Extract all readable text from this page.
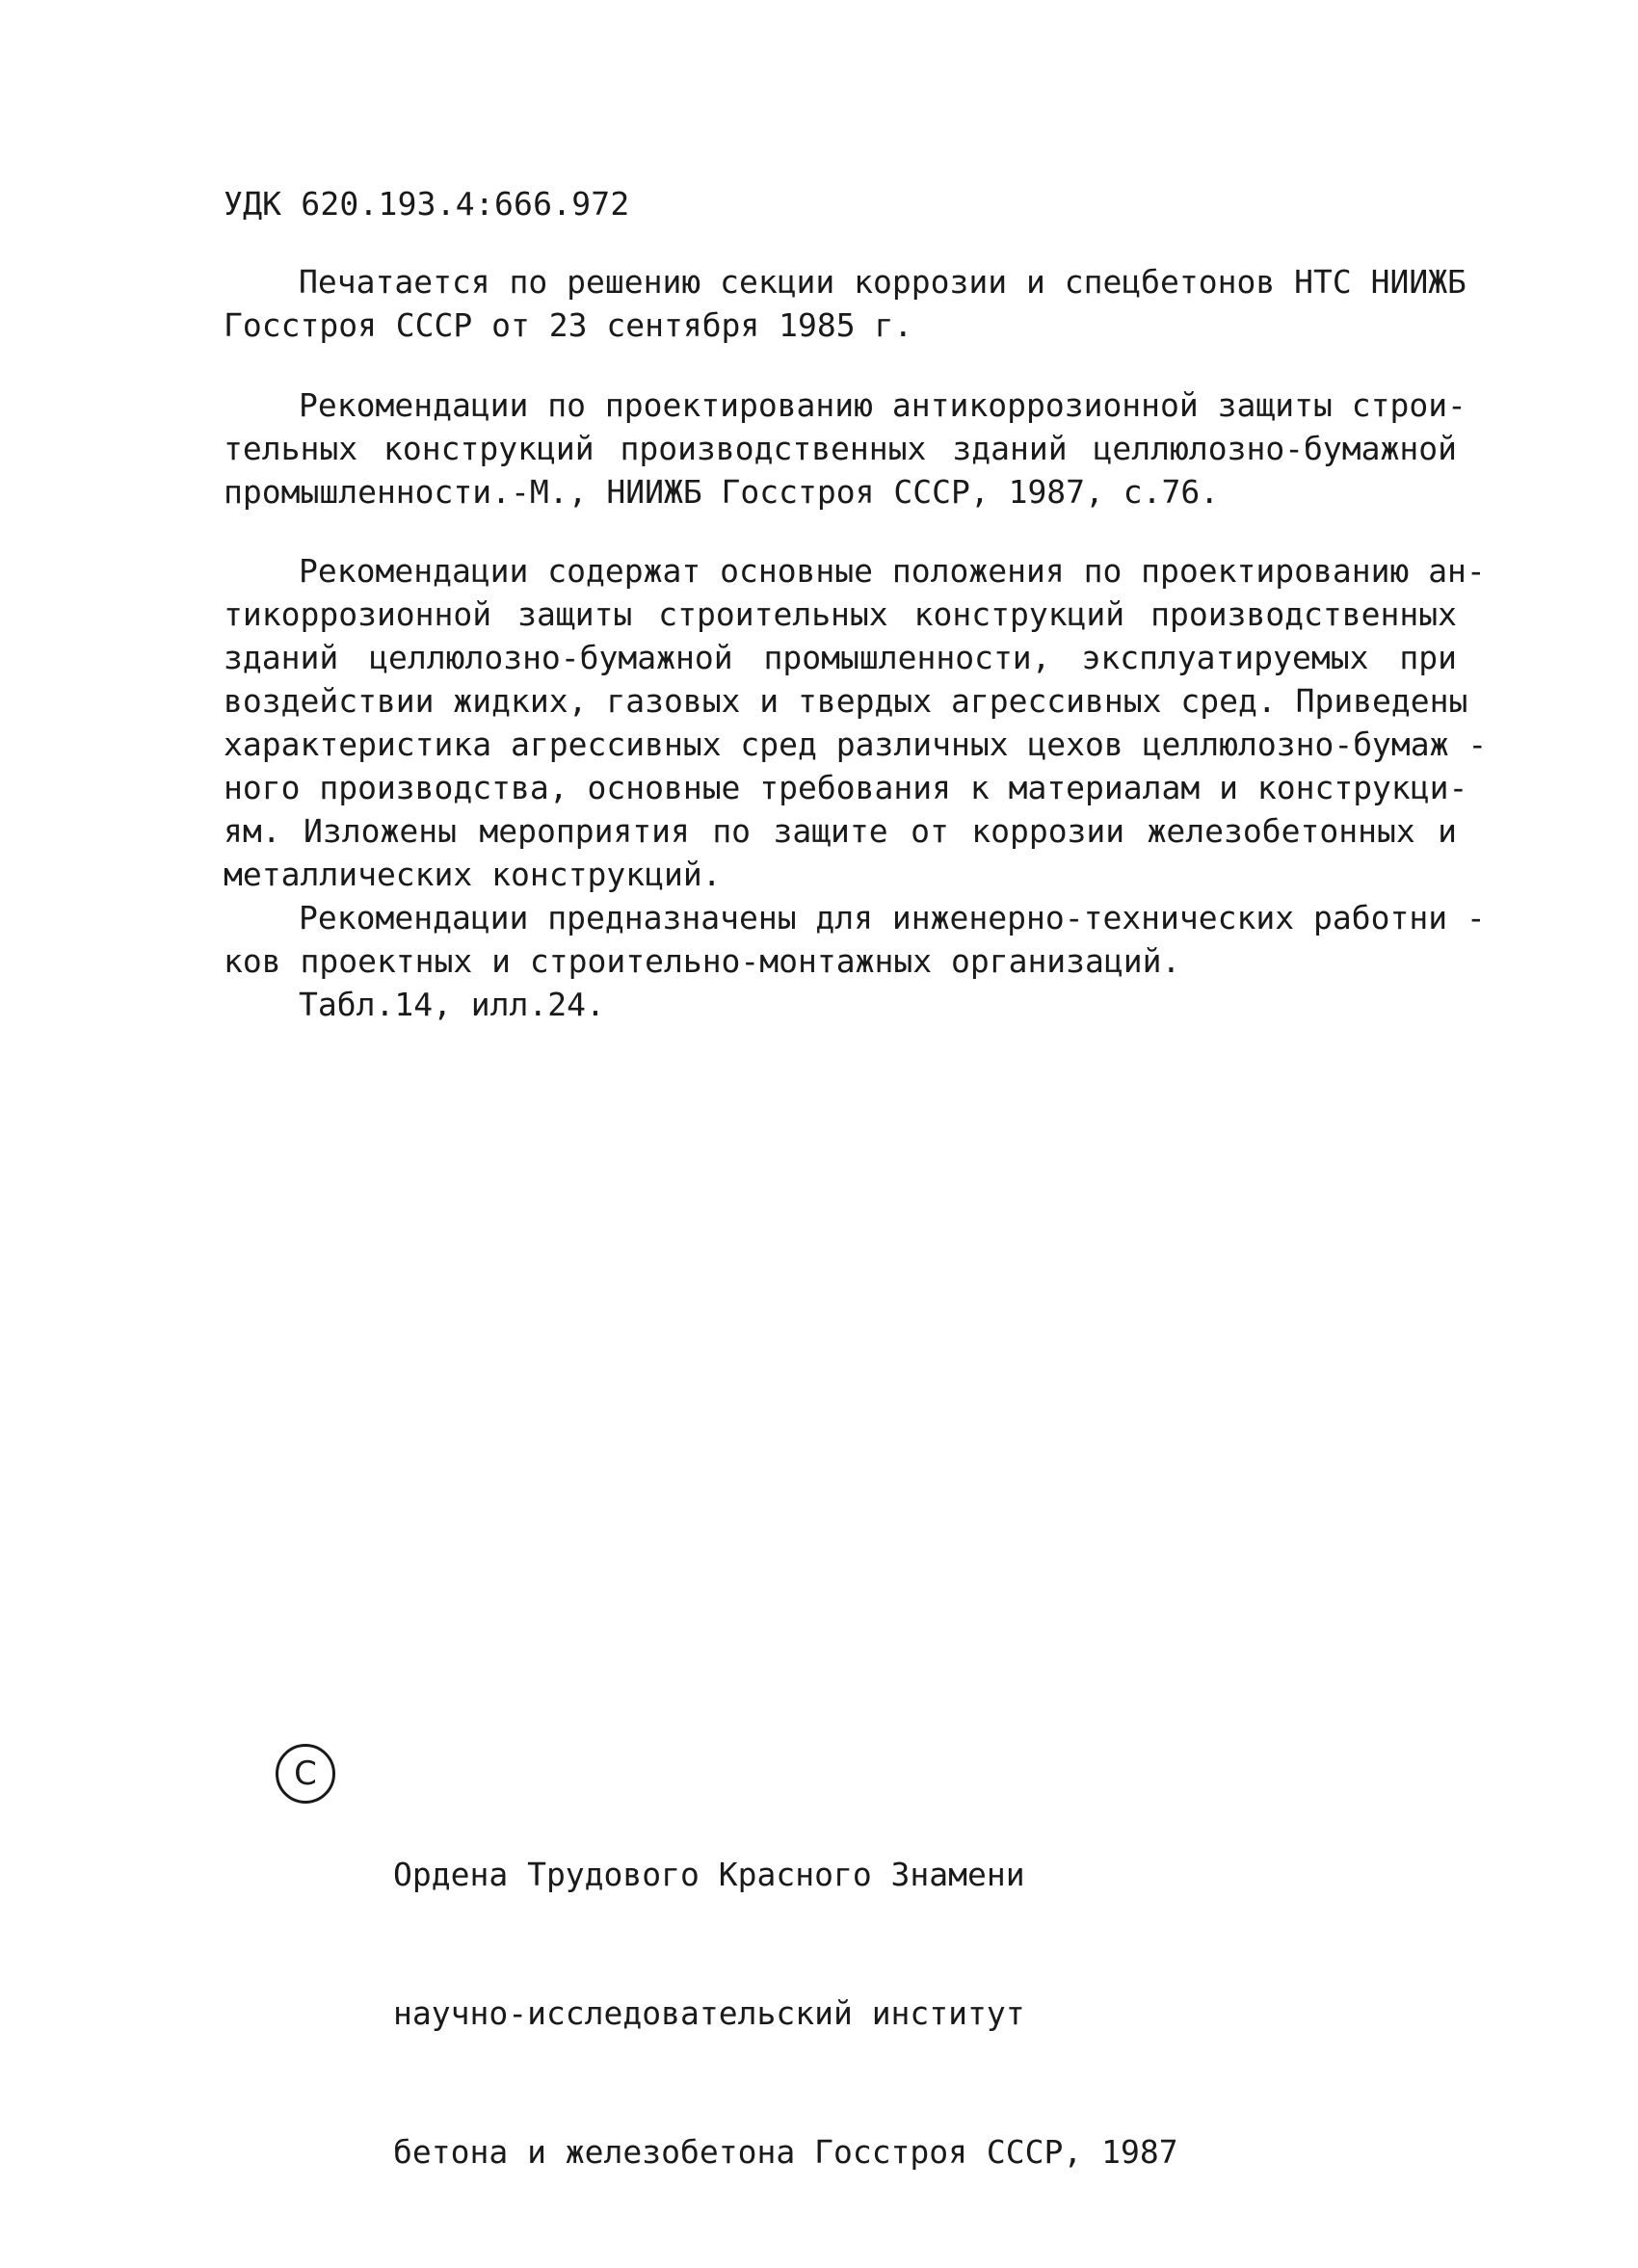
УДК 620.193.4:666.972
Печатается по решению секции коррозии и спецбетонов НТС НИИЖБ
Госстроя СССР от 23 сентября 1985 г.
Рекомендации по проектированию антикоррозионной защиты строи-
тельных конструкций производственных зданий целлюлозно-бумажной
промышленности.-М., НИИЖБ Госстроя СССР, 1987, с.76.
Рекомендации содержат основные положения по проектированию ан-
тикоррозионной защиты строительных конструкций производственных
зданий целлюлозно-бумажной промышленности, эксплуатируемых при
воздействии жидких, газовых и твердых агрессивных сред. Приведены
характеристика агрессивных сред различных цехов целлюлозно-бумаж -
ного производства, основные требования к материалам и конструкци-
ям. Изложены мероприятия по защите от коррозии железобетонных и
металлических конструкций.
Рекомендации предназначены для инженерно-технических работни -
ков проектных и строительно-монтажных организаций.
Табл.14, илл.24.
С

Ордена Трудового Красного Знамени

научно-исследовательский институт

бетона и железобетона Госстроя СССР, 1987
